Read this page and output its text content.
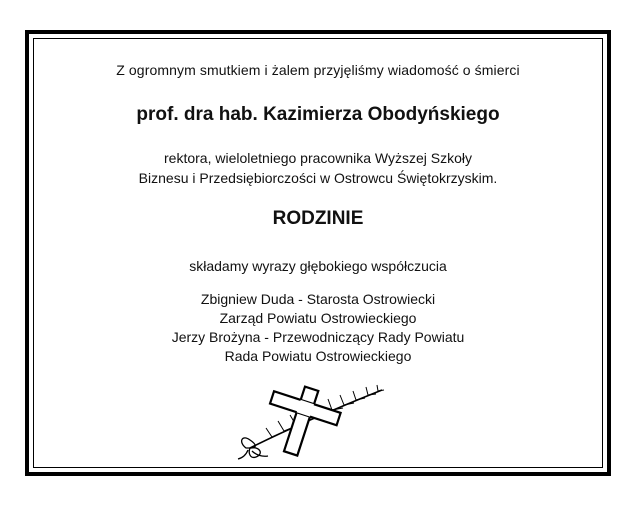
Z ogromnym smutkiem i żalem przyjęliśmy wiadomość o śmierci
prof. dra hab. Kazimierza Obodyńskiego
rektora, wieloletniego pracownika Wyższej Szkoły
Biznesu i Przedsiębiorczości w Ostrowcu Świętokrzyskim.
RODZINIE
składamy wyrazy głębokiego współczucia
Zbigniew Duda - Starosta Ostrowiecki
Zarząd Powiatu Ostrowieckiego
Jerzy Brożyna - Przewodniczący Rady Powiatu
Rada Powiatu Ostrowieckiego
